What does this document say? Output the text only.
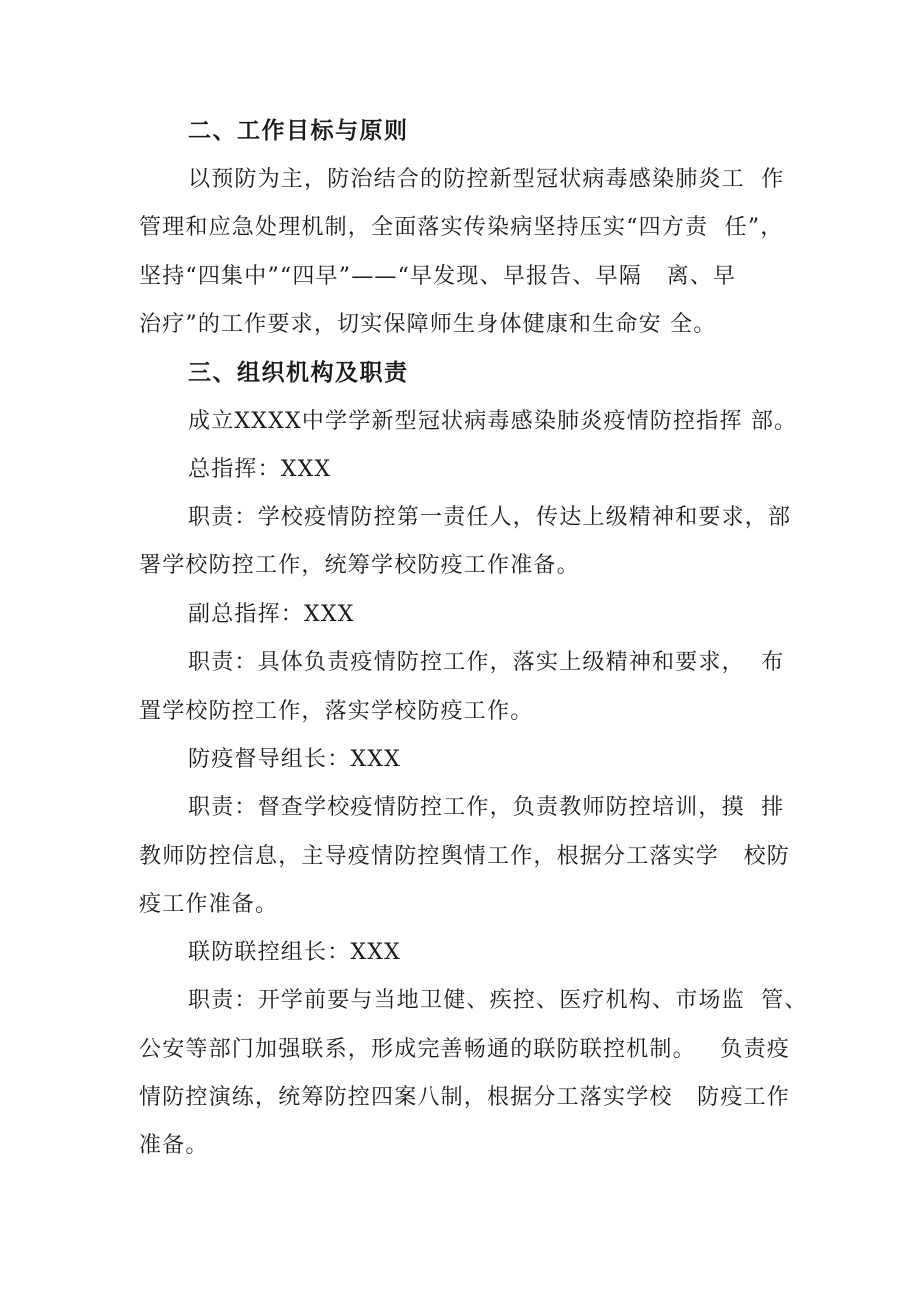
二、工作目标与原则

以预防为主，防治结合的防控新型冠状病毒感染肺炎工  作

管理和应急处理机制，全面落实传染病坚持压实“四方责  任”，

坚持“四集中”“四早”——“早发现、早报告、早隔   离、早

治疗”的工作要求，切实保障师生身体健康和生命安 全。

三、组织机构及职责

成立XXXX中学学新型冠状病毒感染肺炎疫情防控指挥 部。

总指挥：XXX

职责：学校疫情防控第一责任人，传达上级精神和要求，部

署学校防控工作，统筹学校防疫工作准备。

副总指挥：XXX

职责：具体负责疫情防控工作，落实上级精神和要求，  布

置学校防控工作，落实学校防疫工作。

防疫督导组长：XXX

职责：督查学校疫情防控工作，负责教师防控培训，摸  排

教师防控信息，主导疫情防控舆情工作，根据分工落实学   校防

疫工作准备。

联防联控组长：XXX

职责：开学前要与当地卫健、疾控、医疗机构、市场监  管、

公安等部门加强联系，形成完善畅通的联防联控机制。   负责疫

情防控演练，统筹防控四案八制，根据分工落实学校   防疫工作

准备。
